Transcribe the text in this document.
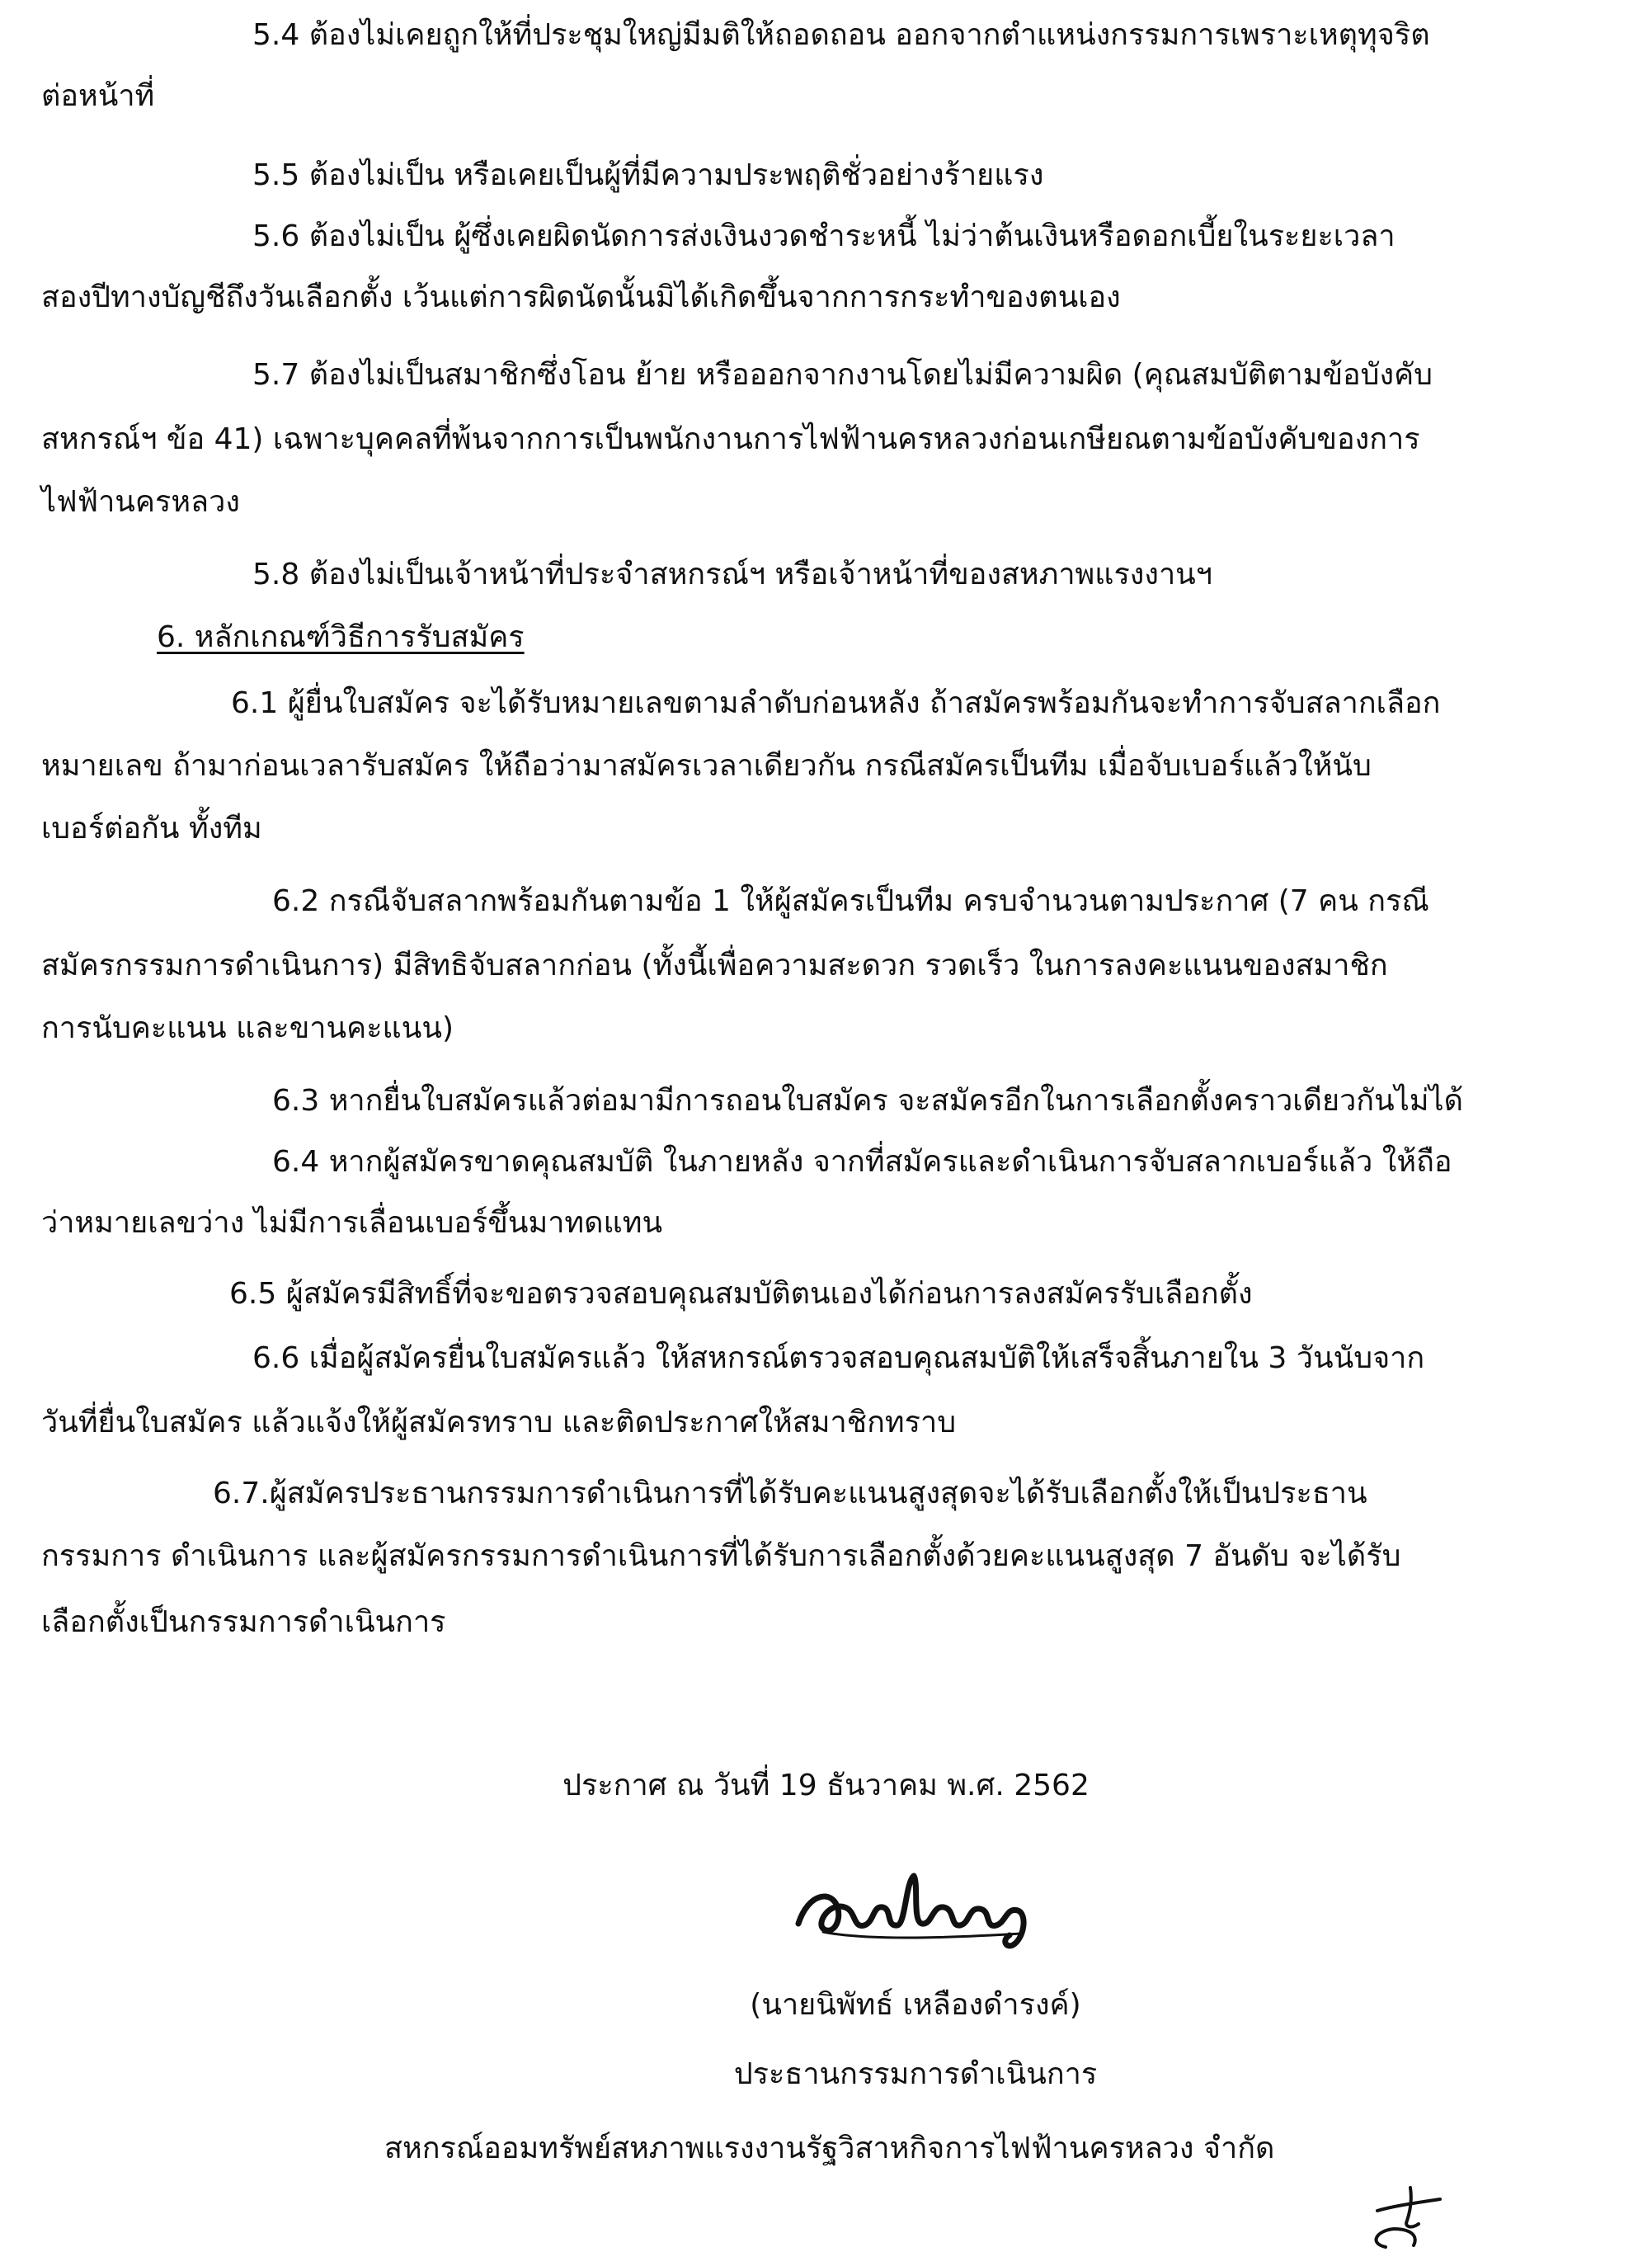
5.4 ต้องไม่เคยถูกให้ที่ประชุมใหญ่มีมติให้ถอดถอน ออกจากตำแหน่งกรรมการเพราะเหตุทุจริต
ต่อหน้าที่
5.5 ต้องไม่เป็น หรือเคยเป็นผู้ที่มีความประพฤติชั่วอย่างร้ายแรง
5.6 ต้องไม่เป็น ผู้ซึ่งเคยผิดนัดการส่งเงินงวดชำระหนี้ ไม่ว่าต้นเงินหรือดอกเบี้ยในระยะเวลา
สองปีทางบัญชีถึงวันเลือกตั้ง เว้นแต่การผิดนัดนั้นมิได้เกิดขึ้นจากการกระทำของตนเอง
5.7 ต้องไม่เป็นสมาชิกซึ่งโอน ย้าย หรือออกจากงานโดยไม่มีความผิด (คุณสมบัติตามข้อบังคับ
สหกรณ์ฯ ข้อ 41) เฉพาะบุคคลที่พ้นจากการเป็นพนักงานการไฟฟ้านครหลวงก่อนเกษียณตามข้อบังคับของการ
ไฟฟ้านครหลวง
5.8 ต้องไม่เป็นเจ้าหน้าที่ประจำสหกรณ์ฯ หรือเจ้าหน้าที่ของสหภาพแรงงานฯ
6. หลักเกณฑ์วิธีการรับสมัคร
6.1 ผู้ยื่นใบสมัคร จะได้รับหมายเลขตามลำดับก่อนหลัง ถ้าสมัครพร้อมกันจะทำการจับสลากเลือก
หมายเลข ถ้ามาก่อนเวลารับสมัคร ให้ถือว่ามาสมัครเวลาเดียวกัน กรณีสมัครเป็นทีม เมื่อจับเบอร์แล้วให้นับ
เบอร์ต่อกัน ทั้งทีม
6.2 กรณีจับสลากพร้อมกันตามข้อ 1 ให้ผู้สมัครเป็นทีม ครบจำนวนตามประกาศ (7 คน กรณี
สมัครกรรมการดำเนินการ) มีสิทธิจับสลากก่อน (ทั้งนี้เพื่อความสะดวก รวดเร็ว ในการลงคะแนนของสมาชิก
การนับคะแนน และขานคะแนน)
6.3 หากยื่นใบสมัครแล้วต่อมามีการถอนใบสมัคร จะสมัครอีกในการเลือกตั้งคราวเดียวกันไม่ได้
6.4 หากผู้สมัครขาดคุณสมบัติ ในภายหลัง จากที่สมัครและดำเนินการจับสลากเบอร์แล้ว ให้ถือ
ว่าหมายเลขว่าง ไม่มีการเลื่อนเบอร์ขึ้นมาทดแทน
6.5 ผู้สมัครมีสิทธิ์ที่จะขอตรวจสอบคุณสมบัติตนเองได้ก่อนการลงสมัครรับเลือกตั้ง
6.6 เมื่อผู้สมัครยื่นใบสมัครแล้ว ให้สหกรณ์ตรวจสอบคุณสมบัติให้เสร็จสิ้นภายใน 3 วันนับจาก
วันที่ยื่นใบสมัคร แล้วแจ้งให้ผู้สมัครทราบ และติดประกาศให้สมาชิกทราบ
6.7.ผู้สมัครประธานกรรมการดำเนินการที่ได้รับคะแนนสูงสุดจะได้รับเลือกตั้งให้เป็นประธาน
กรรมการ ดำเนินการ และผู้สมัครกรรมการดำเนินการที่ได้รับการเลือกตั้งด้วยคะแนนสูงสุด 7 อันดับ จะได้รับ
เลือกตั้งเป็นกรรมการดำเนินการ
ประกาศ ณ วันที่ 19 ธันวาคม พ.ศ. 2562
(นายนิพัทธ์ เหลืองดำรงค์)
ประธานกรรมการดำเนินการ
สหกรณ์ออมทรัพย์สหภาพแรงงานรัฐวิสาหกิจการไฟฟ้านครหลวง จำกัด
